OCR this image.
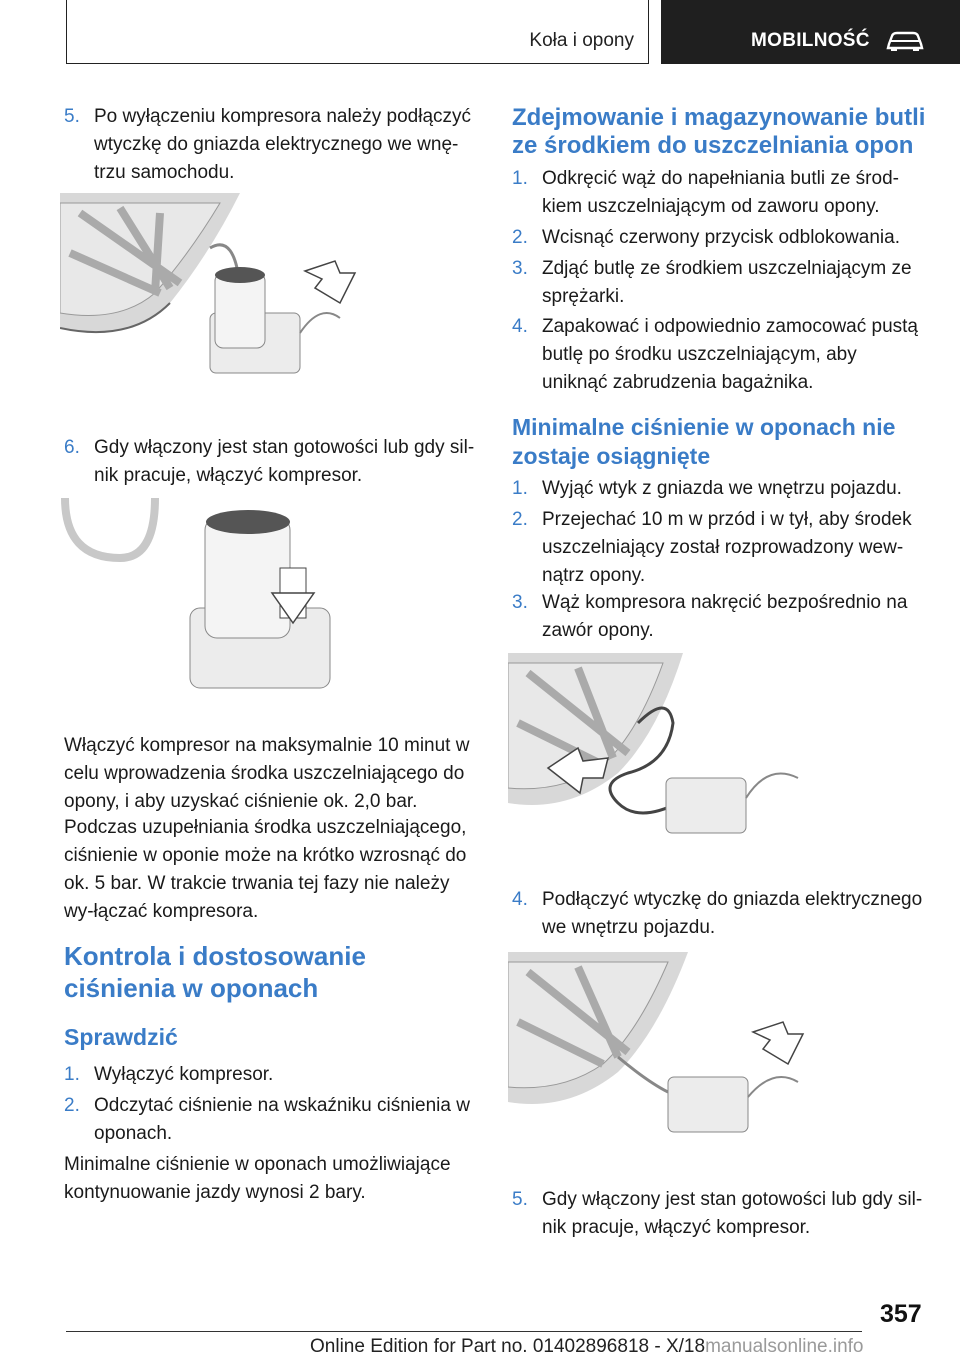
Koła i opony	MOBILNOŚĆ
5. Po wyłączeniu kompresora należy podłączyć wtyczkę do gniazda elektrycznego we wnę-trzu samochodu.
6. Gdy włączony jest stan gotowości lub gdy sil-nik pracuje, włączyć kompresor.
Włączyć kompresor na maksymalnie 10 minut w celu wprowadzenia środka uszczelniającego do opony, i aby uzyskać ciśnienie ok. 2,0 bar.
Podczas uzupełniania środka uszczelniającego, ciśnienie w oponie może na krótko wzrosnąć do ok. 5 bar. W trakcie trwania tej fazy nie należy wy-łączać kompresora.
Kontrola i dostosowanie ciśnienia w oponach
Sprawdzić
1. Wyłączyć kompresor.
2. Odczytać ciśnienie na wskaźniku ciśnienia w oponach.
Minimalne ciśnienie w oponach umożliwiające kontynuowanie jazdy wynosi 2 bary.
Zdejmowanie i magazynowanie butli ze środkiem do uszczelniania opon
1. Odkręcić wąż do napełniania butli ze środ-kiem uszczelniającym od zaworu opony.
2. Wcisnąć czerwony przycisk odblokowania.
3. Zdjąć butlę ze środkiem uszczelniającym ze sprężarki.
4. Zapakować i odpowiednio zamocować pustą butlę po środku uszczelniającym, aby uniknąć zabrudzenia bagażnika.
Minimalne ciśnienie w oponach nie zostaje osiągnięte
1. Wyjąć wtyk z gniazda we wnętrzu pojazdu.
2. Przejechać 10 m w przód i w tył, aby środek uszczelniający został rozprowadzony wew-nątrz opony.
3. Wąż kompresora nakręcić bezpośrednio na zawór opony.
4. Podłączyć wtyczkę do gniazda elektrycznego we wnętrzu pojazdu.
5. Gdy włączony jest stan gotowości lub gdy sil-nik pracuje, włączyć kompresor.
357
Online Edition for Part no. 01402896818 - X/18manualsonline.info
